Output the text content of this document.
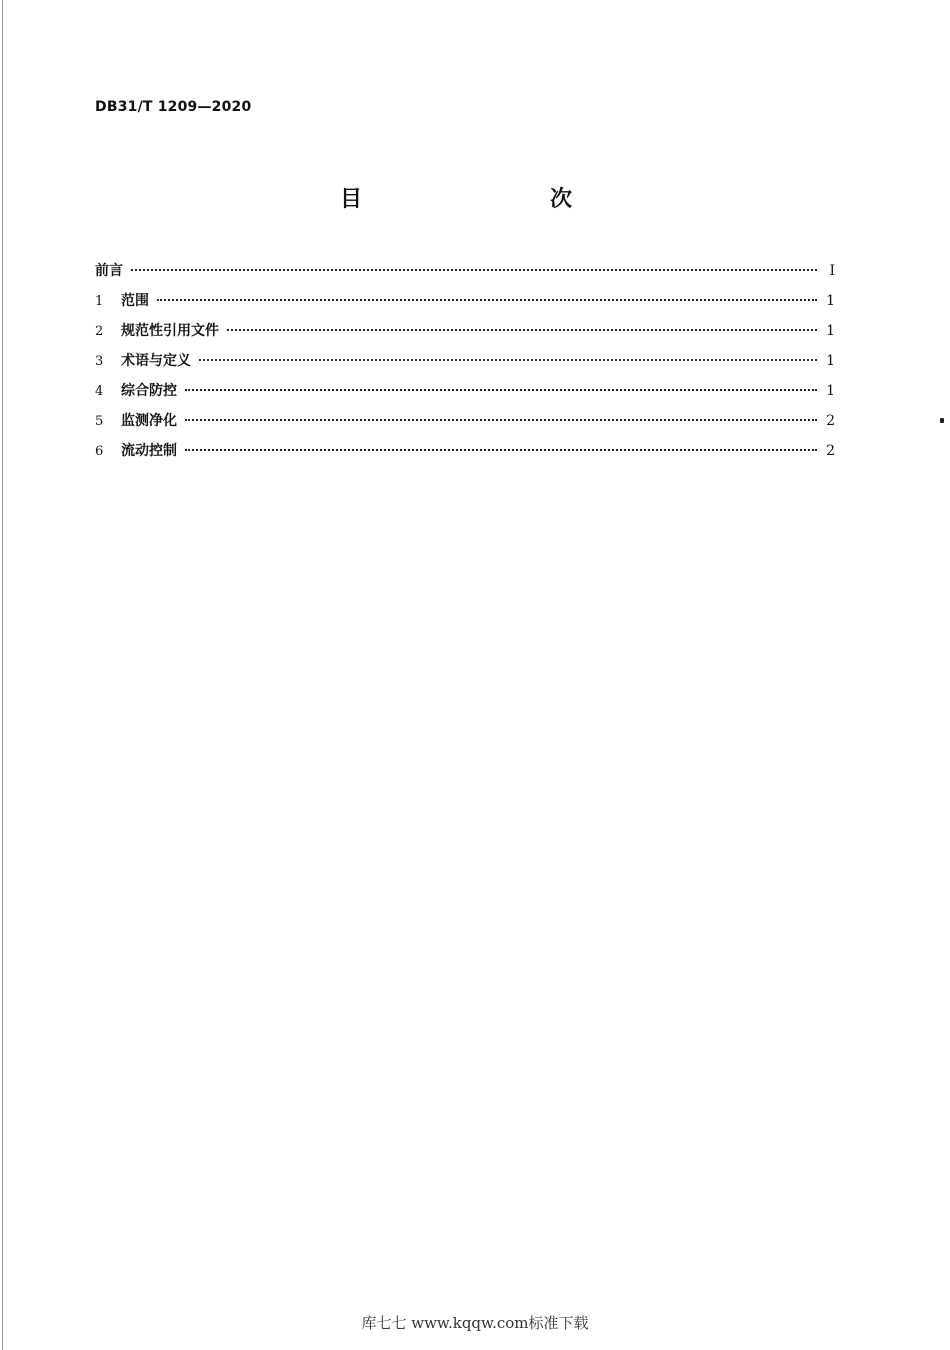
DB31/T 1209—2020
目　　次
前言	Ⅰ
1	范围	1
2	规范性引用文件	1
3	术语与定义	1
4	综合防控	1
5	监测净化	2
6	流动控制	2
库七七 www.kqqw.com标准下载
